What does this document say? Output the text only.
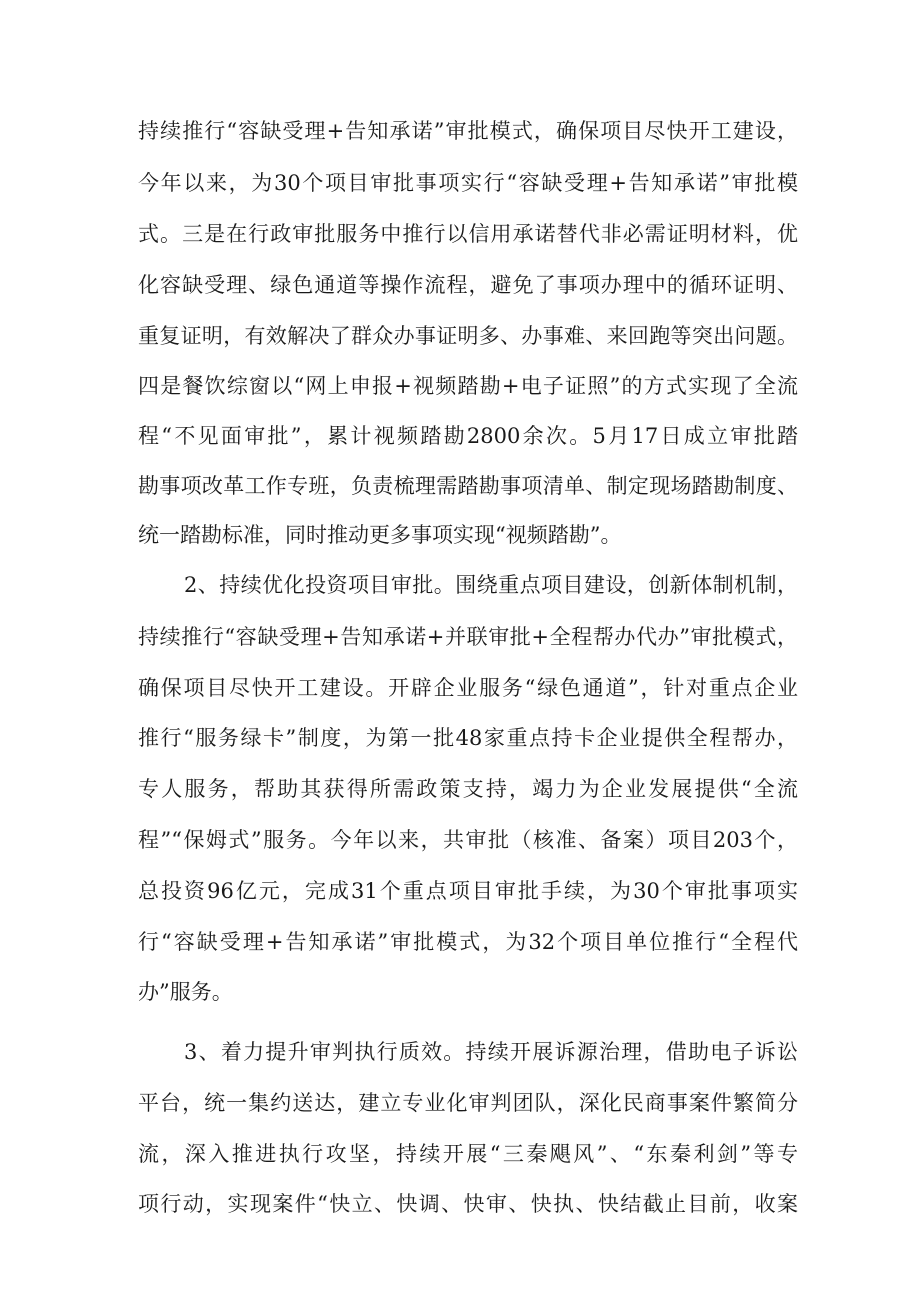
持续推行“容缺受理+告知承诺”审批模式，确保项目尽快开工建设，
今年以来，为30个项目审批事项实行“容缺受理+告知承诺”审批模
式。三是在行政审批服务中推行以信用承诺替代非必需证明材料，优
化容缺受理、绿色通道等操作流程，避免了事项办理中的循环证明、
重复证明，有效解决了群众办事证明多、办事难、来回跑等突出问题。
四是餐饮综窗以“网上申报+视频踏勘+电子证照”的方式实现了全流
程“不见面审批”，累计视频踏勘2800余次。5月17日成立审批踏
勘事项改革工作专班，负责梳理需踏勘事项清单、制定现场踏勘制度、
统一踏勘标准，同时推动更多事项实现“视频踏勘”。
2、持续优化投资项目审批。围绕重点项目建设，创新体制机制，
持续推行“容缺受理+告知承诺+并联审批+全程帮办代办”审批模式，
确保项目尽快开工建设。开辟企业服务“绿色通道”，针对重点企业
推行“服务绿卡”制度，为第一批48家重点持卡企业提供全程帮办，
专人服务，帮助其获得所需政策支持，竭力为企业发展提供“全流
程”“保姆式”服务。今年以来，共审批（核准、备案）项目203个，
总投资96亿元，完成31个重点项目审批手续，为30个审批事项实
行“容缺受理+告知承诺”审批模式，为32个项目单位推行“全程代
办”服务。
3、着力提升审判执行质效。持续开展诉源治理，借助电子诉讼
平台，统一集约送达，建立专业化审判团队，深化民商事案件繁简分
流，深入推进执行攻坚，持续开展“三秦飓风”、“东秦利剑”等专
项行动，实现案件“快立、快调、快审、快执、快结截止目前，收案
